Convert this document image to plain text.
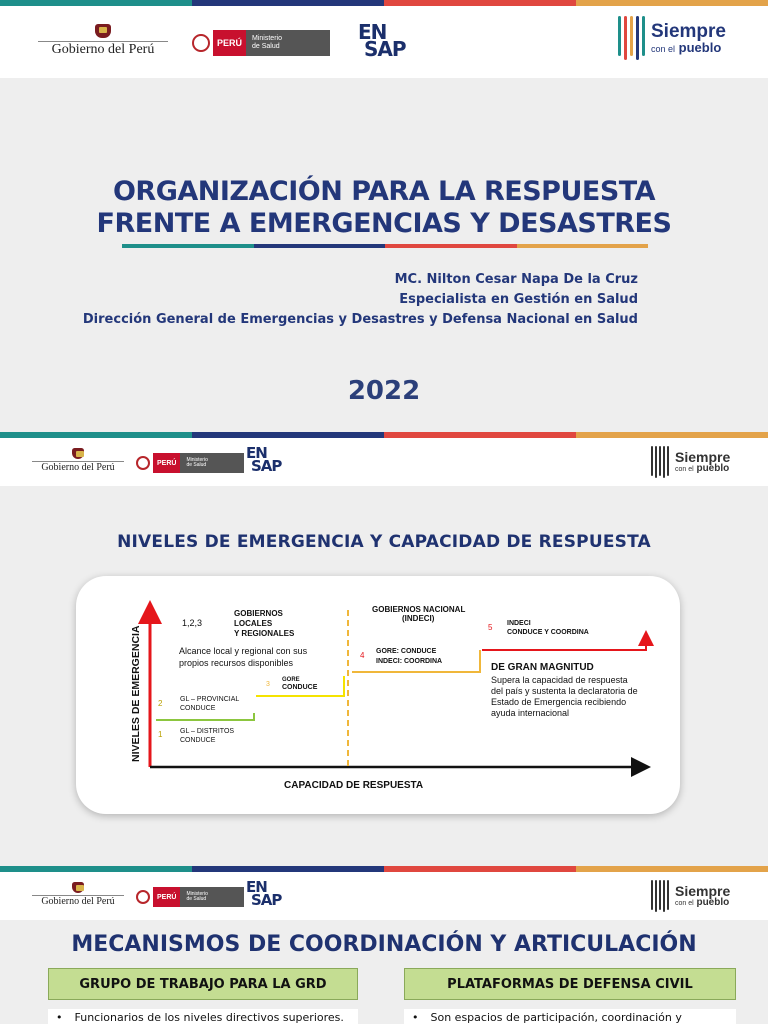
Gobierno del Perú	PERÚ	Ministerio
de Salud
EN
SAP
Siempre
con el pueblo
ORGANIZACIÓN PARA LA RESPUESTA
FRENTE A EMERGENCIAS Y DESASTRES
MC. Nilton Cesar Napa De la Cruz
Especialista en Gestión en Salud
Dirección General de Emergencias y Desastres y Defensa Nacional en Salud
2022
Gobierno del Perú	PERÚ	Ministerio
de Salud
EN
SAP	Siempre
con el pueblo
NIVELES DE EMERGENCIA Y CAPACIDAD DE RESPUESTA
NIVELES DE EMERGENCIA
CAPACIDAD DE RESPUESTA
1,2,3
GOBIERNOS
LOCALES
Y REGIONALES
Alcance local y regional con sus
propios recursos disponibles
1	GL – DISTRITOS
CONDUCE
2	GL – PROVINCIAL
CONDUCE
3
GORE
CONDUCE
GOBIERNOS NACIONAL
(INDECI)
4 GORE: CONDUCE
INDECI: COORDINA
5 INDECI
CONDUCE Y COORDINA
DE GRAN MAGNITUD
Supera la capacidad de respuesta
del país y sustenta la declaratoria de
Estado de Emergencia recibiendo
ayuda internacional
Gobierno del Perú	PERÚ	Ministerio
de Salud
EN
SAP	Siempre
con el pueblo
MECANISMOS DE COORDINACIÓN Y ARTICULACIÓN
GRUPO DE TRABAJO PARA LA GRD	PLATAFORMAS DE DEFENSA CIVIL
• Funcionarios de los niveles directivos superiores.	• Son espacios de participación, coordinación y
